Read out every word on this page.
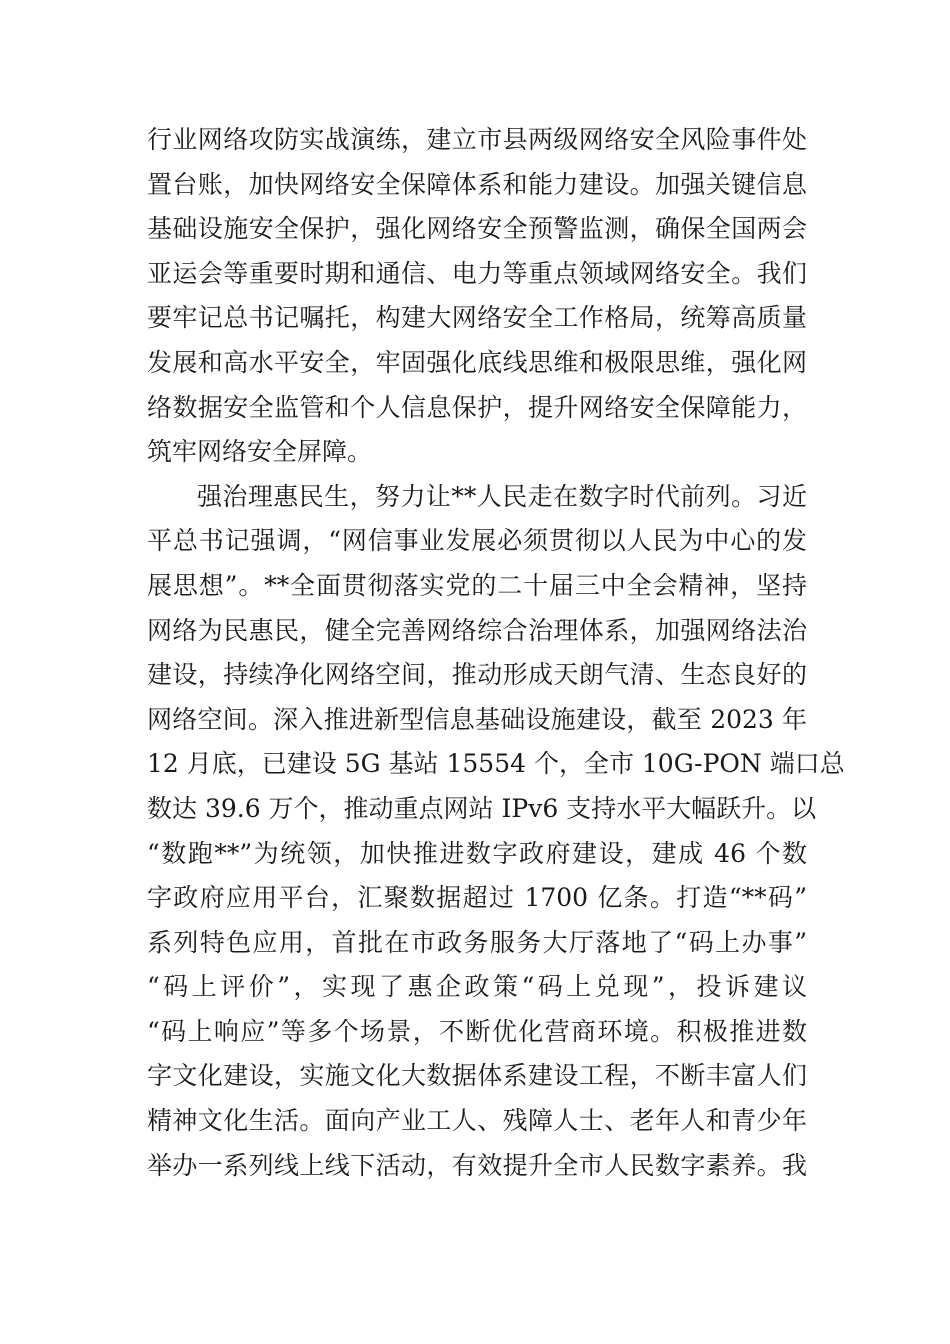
行业网络攻防实战演练，建立市县两级网络安全风险事件处
置台账，加快网络安全保障体系和能力建设。加强关键信息
基础设施安全保护，强化网络安全预警监测，确保全国两会
亚运会等重要时期和通信、电力等重点领域网络安全。我们
要牢记总书记嘱托，构建大网络安全工作格局，统筹高质量
发展和高水平安全，牢固强化底线思维和极限思维，强化网
络数据安全监管和个人信息保护，提升网络安全保障能力，
筑牢网络安全屏障。
强治理惠民生，努力让**人民走在数字时代前列。习近
平总书记强调，“网信事业发展必须贯彻以人民为中心的发
展思想”。**全面贯彻落实党的二十届三中全会精神，坚持
网络为民惠民，健全完善网络综合治理体系，加强网络法治
建设，持续净化网络空间，推动形成天朗气清、生态良好的
网络空间。深入推进新型信息基础设施建设，截至 2023 年
12 月底，已建设 5G 基站 15554 个，全市 10G-PON 端口总
数达 39.6 万个，推动重点网站 IPv6 支持水平大幅跃升。以
“数跑**”为统领，加快推进数字政府建设，建成 46 个数
字政府应用平台，汇聚数据超过 1700 亿条。打造“**码”
系列特色应用，首批在市政务服务大厅落地了“码上办事”
“码上评价”，实现了惠企政策“码上兑现”，投诉建议
“码上响应”等多个场景，不断优化营商环境。积极推进数
字文化建设，实施文化大数据体系建设工程，不断丰富人们
精神文化生活。面向产业工人、残障人士、老年人和青少年
举办一系列线上线下活动，有效提升全市人民数字素养。我
